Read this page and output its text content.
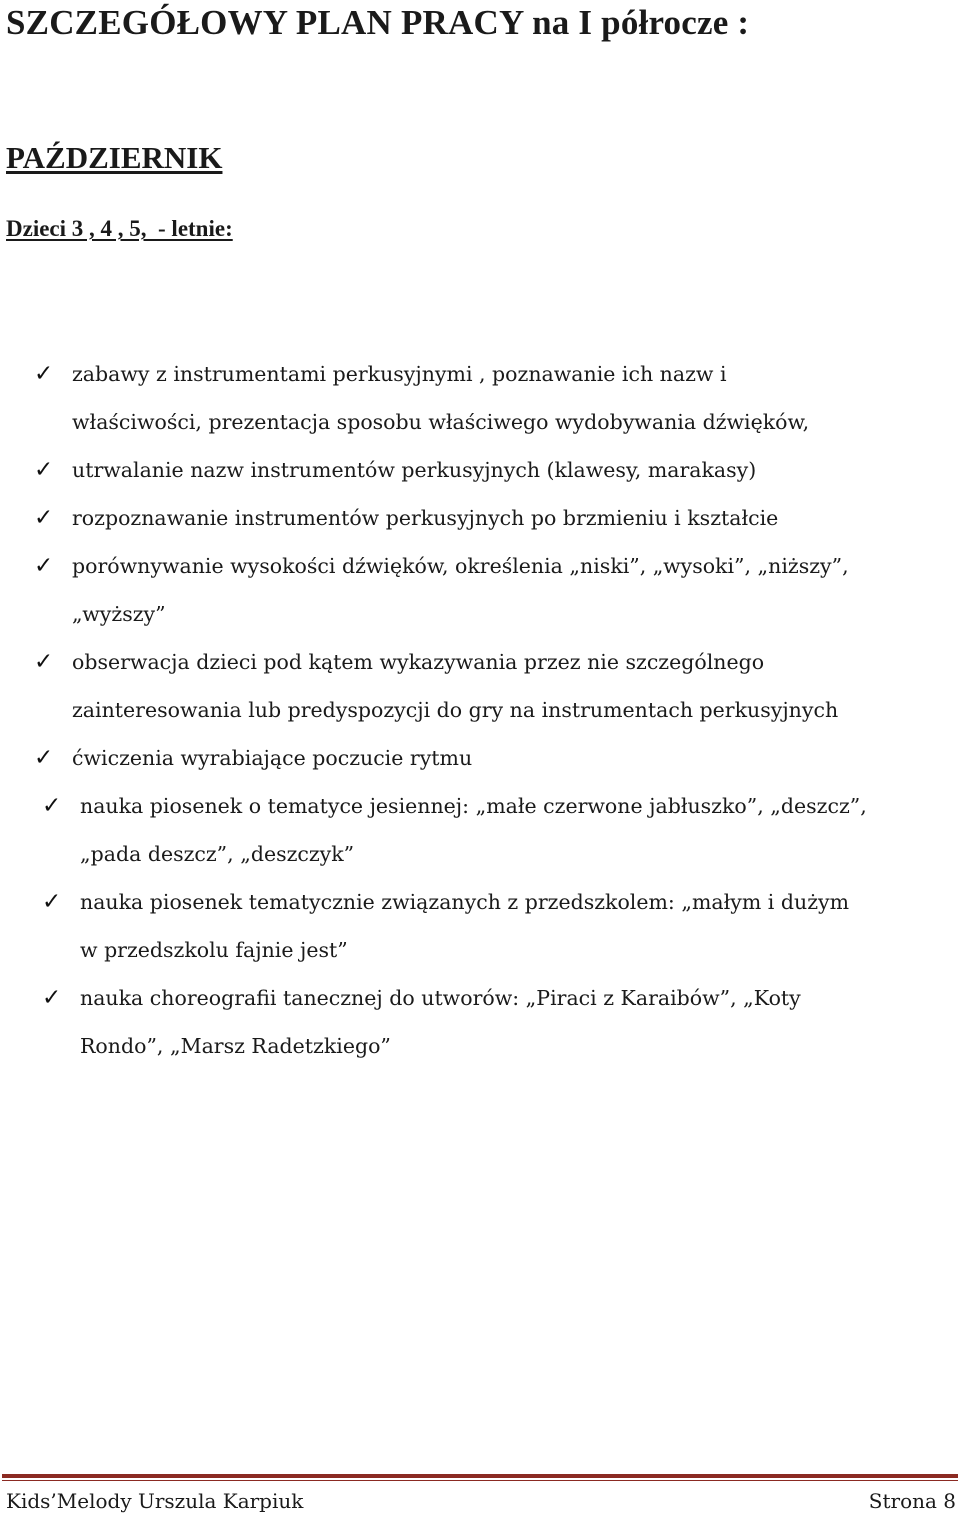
SZCZEGÓŁOWY PLAN PRACY na I półrocze :
PAŹDZIERNIK
Dzieci 3 , 4 , 5,  - letnie:
✓ zabawy z instrumentami perkusyjnymi , poznawanie ich nazw i

właściwości, prezentacja sposobu właściwego wydobywania dźwięków,

✓ utrwalanie nazw instrumentów perkusyjnych (klawesy, marakasy)

✓ rozpoznawanie instrumentów perkusyjnych po brzmieniu i kształcie

✓ porównywanie wysokości dźwięków, określenia „niski”, „wysoki”, „niższy”,

„wyższy”

✓ obserwacja dzieci pod kątem wykazywania przez nie szczególnego

zainteresowania lub predyspozycji do gry na instrumentach perkusyjnych

✓ ćwiczenia wyrabiające poczucie rytmu

✓ nauka piosenek o tematyce jesiennej: „małe czerwone jabłuszko”, „deszcz”,

„pada deszcz”, „deszczyk”

✓ nauka piosenek tematycznie związanych z przedszkolem: „małym i dużym

w przedszkolu fajnie jest”

✓ nauka choreografii tanecznej do utworów: „Piraci z Karaibów”, „Koty

Rondo”, „Marsz Radetzkiego”

Kids’Melody Urszula Karpiuk	Strona 8
